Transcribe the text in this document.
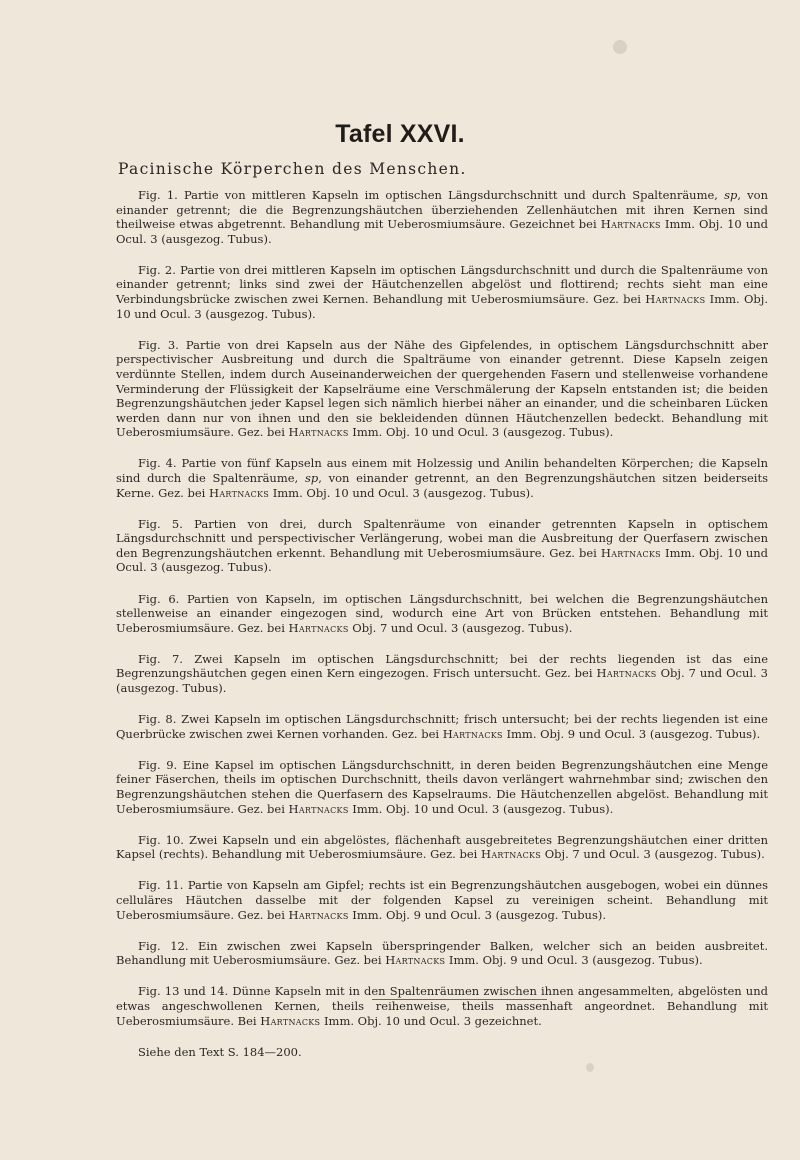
Tafel XXVI.
Pacinische Körperchen des Menschen.

Fig. 1. Partie von mittleren Kapseln im optischen Längsdurchschnitt und durch Spaltenräume, sp, von einander getrennt; die die Begrenzungshäutchen überziehenden Zellenhäutchen mit ihren Kernen sind theilweise etwas abgetrennt. Behandlung mit Ueberosmiumsäure. Gezeichnet bei Hartnacks Imm. Obj. 10 und Ocul. 3 (ausgezog. Tubus).

Fig. 2. Partie von drei mittleren Kapseln im optischen Längsdurchschnitt und durch die Spaltenräume von einander getrennt; links sind zwei der Häutchenzellen abgelöst und flottirend; rechts sieht man eine Verbindungsbrücke zwischen zwei Kernen. Behandlung mit Ueberosmiumsäure. Gez. bei Hartnacks Imm. Obj. 10 und Ocul. 3 (ausgezog. Tubus).

Fig. 3. Partie von drei Kapseln aus der Nähe des Gipfelendes, in optischem Längsdurchschnitt aber perspectivischer Ausbreitung und durch die Spalträume von einander getrennt. Diese Kapseln zeigen verdünnte Stellen, indem durch Auseinanderweichen der quergehenden Fasern und stellenweise vorhandene Verminderung der Flüssigkeit der Kapselräume eine Verschmälerung der Kapseln entstanden ist; die beiden Begrenzungshäutchen jeder Kapsel legen sich nämlich hierbei näher an einander, und die scheinbaren Lücken werden dann nur von ihnen und den sie bekleidenden dünnen Häutchenzellen bedeckt. Behandlung mit Ueberosmiumsäure. Gez. bei Hartnacks Imm. Obj. 10 und Ocul. 3 (ausgezog. Tubus).

Fig. 4. Partie von fünf Kapseln aus einem mit Holzessig und Anilin behandelten Körperchen; die Kapseln sind durch die Spaltenräume, sp, von einander getrennt, an den Begrenzungshäutchen sitzen beiderseits Kerne. Gez. bei Hartnacks Imm. Obj. 10 und Ocul. 3 (ausgezog. Tubus).

Fig. 5. Partien von drei, durch Spaltenräume von einander getrennten Kapseln in optischem Längsdurchschnitt und perspectivischer Verlängerung, wobei man die Ausbreitung der Querfasern zwischen den Begrenzungshäutchen erkennt. Behandlung mit Ueberosmiumsäure. Gez. bei Hartnacks Imm. Obj. 10 und Ocul. 3 (ausgezog. Tubus).

Fig. 6. Partien von Kapseln, im optischen Längsdurchschnitt, bei welchen die Begrenzungshäutchen stellenweise an einander eingezogen sind, wodurch eine Art von Brücken entstehen. Behandlung mit Ueberosmiumsäure. Gez. bei Hartnacks Obj. 7 und Ocul. 3 (ausgezog. Tubus).

Fig. 7. Zwei Kapseln im optischen Längsdurchschnitt; bei der rechts liegenden ist das eine Begrenzungshäutchen gegen einen Kern eingezogen. Frisch untersucht. Gez. bei Hartnacks Obj. 7 und Ocul. 3 (ausgezog. Tubus).

Fig. 8. Zwei Kapseln im optischen Längsdurchschnitt; frisch untersucht; bei der rechts liegenden ist eine Querbrücke zwischen zwei Kernen vorhanden. Gez. bei Hartnacks Imm. Obj. 9 und Ocul. 3 (ausgezog. Tubus).

Fig. 9. Eine Kapsel im optischen Längsdurchschnitt, in deren beiden Begrenzungshäutchen eine Menge feiner Fäserchen, theils im optischen Durchschnitt, theils davon verlängert wahrnehmbar sind; zwischen den Begrenzungshäutchen stehen die Querfasern des Kapselraums. Die Häutchenzellen abgelöst. Behandlung mit Ueberosmiumsäure. Gez. bei Hartnacks Imm. Obj. 10 und Ocul. 3 (ausgezog. Tubus).

Fig. 10. Zwei Kapseln und ein abgelöstes, flächenhaft ausgebreitetes Begrenzungshäutchen einer dritten Kapsel (rechts). Behandlung mit Ueberosmiumsäure. Gez. bei Hartnacks Obj. 7 und Ocul. 3 (ausgezog. Tubus).

Fig. 11. Partie von Kapseln am Gipfel; rechts ist ein Begrenzungshäutchen ausgebogen, wobei ein dünnes celluläres Häutchen dasselbe mit der folgenden Kapsel zu vereinigen scheint. Behandlung mit Ueberosmiumsäure. Gez. bei Hartnacks Imm. Obj. 9 und Ocul. 3 (ausgezog. Tubus).

Fig. 12. Ein zwischen zwei Kapseln überspringender Balken, welcher sich an beiden ausbreitet. Behandlung mit Ueberosmiumsäure. Gez. bei Hartnacks Imm. Obj. 9 und Ocul. 3 (ausgezog. Tubus).

Fig. 13 und 14. Dünne Kapseln mit in den Spaltenräumen zwischen ihnen angesammelten, abgelösten und etwas angeschwollenen Kernen, theils reihenweise, theils massenhaft angeordnet. Behandlung mit Ueberosmiumsäure. Bei Hartnacks Imm. Obj. 10 und Ocul. 3 gezeichnet.

Siehe den Text S. 184—200.
